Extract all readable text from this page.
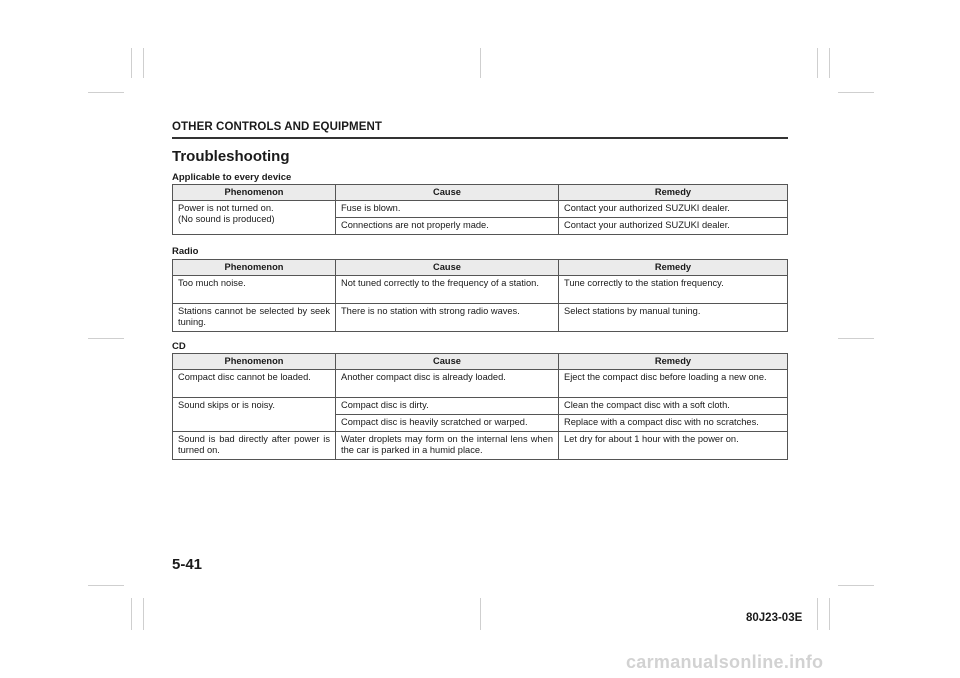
OTHER CONTROLS AND EQUIPMENT
Troubleshooting
Applicable to every device
Phenomenon	Cause	Remedy
Power is not turned on.
(No sound is produced)	Fuse is blown.	Contact your authorized SUZUKI dealer.
	Connections are not properly made.	Contact your authorized SUZUKI dealer.
Radio
Phenomenon	Cause	Remedy
Too much noise.	Not tuned correctly to the frequency of a station.	Tune correctly to the station frequency.
Stations cannot be selected by seek tuning.	There is no station with strong radio waves.	Select stations by manual tuning.
CD
Phenomenon	Cause	Remedy
Compact disc cannot be loaded.	Another compact disc is already loaded.	Eject the compact disc before loading a new one.
Sound skips or is noisy.	Compact disc is dirty.	Clean the compact disc with a soft cloth.
	Compact disc is heavily scratched or warped.	Replace with a compact disc with no scratches.
Sound is bad directly after power is turned on.	Water droplets may form on the internal lens when the car is parked in a humid place.	Let dry for about 1 hour with the power on.
5-41
80J23-03E
carmanualsonline.info
